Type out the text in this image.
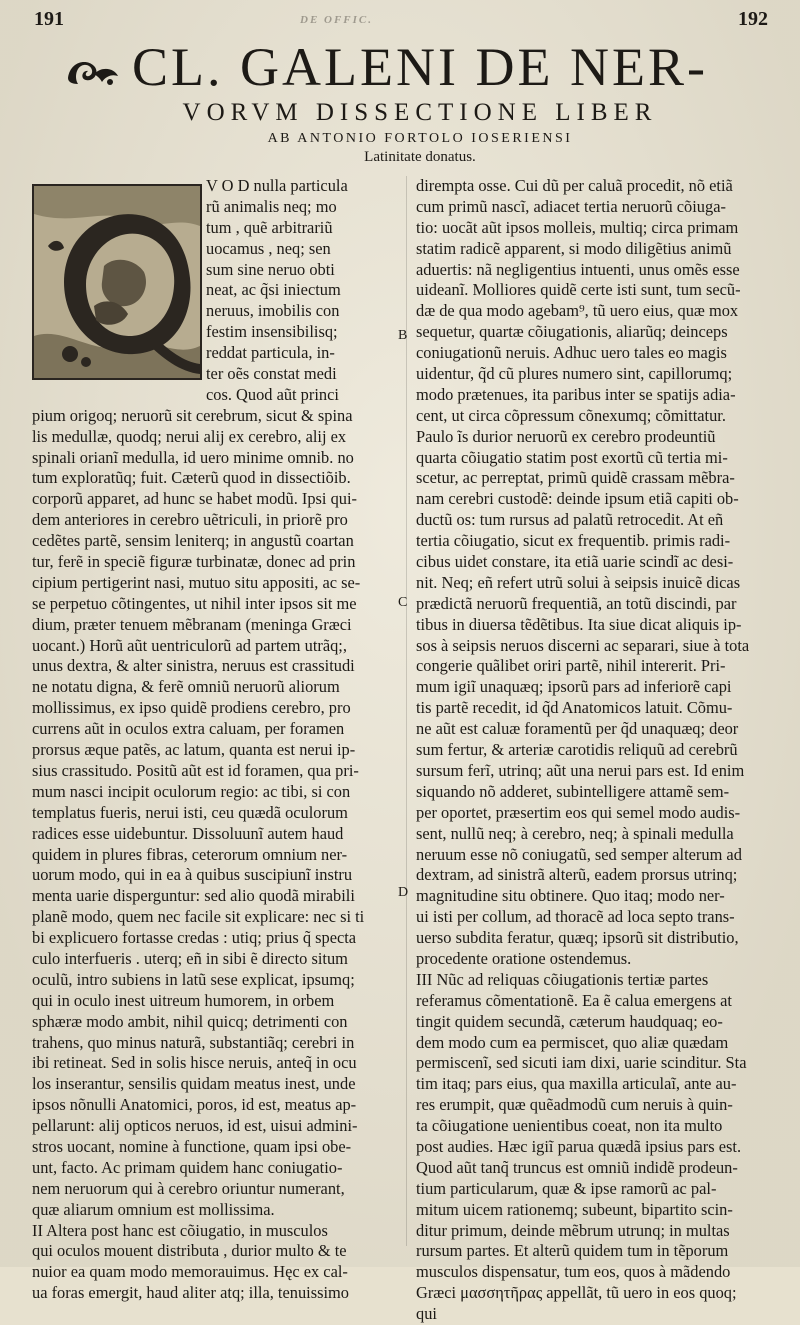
191	DE OFFIC.	192
CL. GALENI DE NER-
VORVM DISSECTIONE LIBER
AB ANTONIO FORTOLO IOSERIENSI
Latinitate donatus.
V O D nulla particula
rũ animalis neq; mo
tum , quẽ arbitrariũ
uocamus , neq; sen
sum sine neruo obti
neat, ac q̃si iniectum
neruus, imobilis con
festim insensibilisq;
reddat particula, in-
ter oẽs constat medi
cos. Quod aũt princi
pium origoq; neruorũ sit cerebrum, sicut & spina
lis medullæ, quodq; nerui alij ex cerebro, alij ex
spinali orianĩ medulla, id uero minime omnib. no
tum exploratũq; fuit. Cæterũ quod in dissectiõib.
corporũ apparet, ad hunc se habet modũ. Ipsi qui-
dem anteriores in cerebro uẽtriculi, in priorẽ pro
cedẽtes partẽ, sensim leniterq; in angustũ coartan
tur, ferẽ in speciẽ figuræ turbinatæ, donec ad prin
cipium pertigerint nasi, mutuo situ appositi, ac se-
se perpetuo cõtingentes, ut nihil inter ipsos sit me
dium, præter tenuem mẽbranam (meninga Græci
uocant.) Horũ aũt uentriculorũ ad partem utrãq;,
unus dextra, & alter sinistra, neruus est crassitudi
ne notatu digna, & ferẽ omniũ neruorũ aliorum
mollissimus, ex ipso quidẽ prodiens cerebro, pro
currens aũt in oculos extra caluam, per foramen
prorsus æque patẽs, ac latum, quanta est nerui ip-
sius crassitudo. Positũ aũt est id foramen, qua pri-
mum nasci incipit oculorum regio: ac tibi, si con
templatus fueris, nerui isti, ceu quædã oculorum
radices esse uidebuntur. Dissoluunĩ autem haud
quidem in plures fibras, ceterorum omnium ner-
uorum modo, qui in ea à quibus suscipiunĩ instru
menta uarie disperguntur: sed alio quodã mirabili
planẽ modo, quem nec facile sit explicare: nec si ti
bi explicuero fortasse credas : utiq; prius q̃ specta
culo interfueris . uterq; eñ in sibi ẽ directo situm
oculũ, intro subiens in latũ sese explicat, ipsumq;
qui in oculo inest uitreum humorem, in orbem
sphæræ modo ambit, nihil quicq; detrimenti con
trahens, quo minus naturã, substantiãq; cerebri in
ibi retineat. Sed in solis hisce neruis, anteq̃ in ocu
los inserantur, sensilis quidam meatus inest, unde
ipsos nõnulli Anatomici, poros, id est, meatus ap-
pellarunt: alij opticos neruos, id est, uisui admini-
stros uocant, nomine à functione, quam ipsi obe-
unt, facto. Ac primam quidem hanc coniugatio-
nem neruorum qui à cerebro oriuntur numerant,
quæ aliarum omnium est mollissima.
II Altera post hanc est cõiugatio, in musculos
qui oculos mouent distributa , durior multo & te
nuior ea quam modo memorauimus. Hęc ex cal-
ua foras emergit, haud aliter atq; illa, tenuissimo
dirempta osse. Cui dũ per caluã procedit, nõ etiã
cum primũ nascĩ, adiacet tertia neruorũ cõiuga-
tio: uocãt aũt ipsos molleis, multiq; circa primam
statim radicẽ apparent, si modo diligẽtius animũ
aduertis: nã negligentius intuenti, unus omẽs esse
uideanĩ. Molliores quidẽ certe isti sunt, tum secũ-
dæ de qua modo agebam⁹, tũ uero eius, quæ mox
sequetur, quartæ cõiugationis, aliarũq; deinceps
coniugationũ neruis. Adhuc uero tales eo magis
uidentur, q̃d cũ plures numero sint, capillorumq;
modo prætenues, ita paribus inter se spatijs adia-
cent, ut circa cõpressum cõnexumq; cõmittatur.
Paulo ĩs durior neruorũ ex cerebro prodeuntiũ
quarta cõiugatio statim post exortũ cũ tertia mi-
scetur, ac perreptat, primũ quidẽ crassam mẽbra-
nam cerebri custodẽ: deinde ipsum etiã capiti ob-
ductũ os: tum rursus ad palatũ retrocedit. At eñ
tertia cõiugatio, sicut ex frequentib. primis radi-
cibus uidet constare, ita etiã uarie scindĩ ac desi-
nit. Neq; eñ refert utrũ solui à seipsis inuicẽ dicas
prædictã neruorũ frequentiã, an totũ discindi, par
tibus in diuersa tẽdẽtibus. Ita siue dicat aliquis ip-
sos à seipsis neruos discerni ac separari, siue à tota
congerie quãlibet oriri partẽ, nihil intererit. Pri-
mum igiĩ unaquæq; ipsorũ pars ad inferiorẽ capi
tis partẽ recedit, id q̃d Anatomicos latuit. Cõmu-
ne aũt est caluæ foramentũ per q̃d unaquæq; deor
sum fertur, & arteriæ carotidis reliquũ ad cerebrũ
sursum ferĩ, utrinq; aũt una nerui pars est. Id enim
siquando nõ adderet, subintelligere attamẽ sem-
per oportet, præsertim eos qui semel modo audis-
sent, nullũ neq; à cerebro, neq; à spinali medulla
neruum esse nõ coniugatũ, sed semper alterum ad
dextram, ad sinistrã alterũ, eadem prorsus utrinq;
magnitudine situ obtinere. Quo itaq; modo ner-
ui isti per collum, ad thoracẽ ad loca septo trans-
uerso subdita feratur, quæq; ipsorũ sit distributio,
procedente oratione ostendemus.
III Nũc ad reliquas cõiugationis tertiæ partes
referamus cõmentationẽ. Ea ẽ calua emergens at
tingit quidem secundã, cæterum haudquaq; eo-
dem modo cum ea permiscet, quo aliæ quædam
permiscenĩ, sed sicuti iam dixi, uarie scinditur. Sta
tim itaq; pars eius, qua maxilla articulaĩ, ante au-
res erumpit, quæ quẽadmodũ cum neruis à quin-
ta cõiugatione uenientibus coeat, non ita multo
post audies. Hæc igiĩ parua quædã ipsius pars est.
Quod aũt tanq̃ truncus est omniũ indidẽ prodeun-
tium particularum, quæ & ipse ramorũ ac pal-
mitum uicem rationemq; subeunt, bipartito scin-
ditur primum, deinde mẽbrum utrunq; in multas
rursum partes. Et alterũ quidem tum in tẽporum
musculos dispensatur, tum eos, quos à mãdendo
Græci μασσητῆρας appellãt, tũ uero in eos quoq;
qui
B
C
D
